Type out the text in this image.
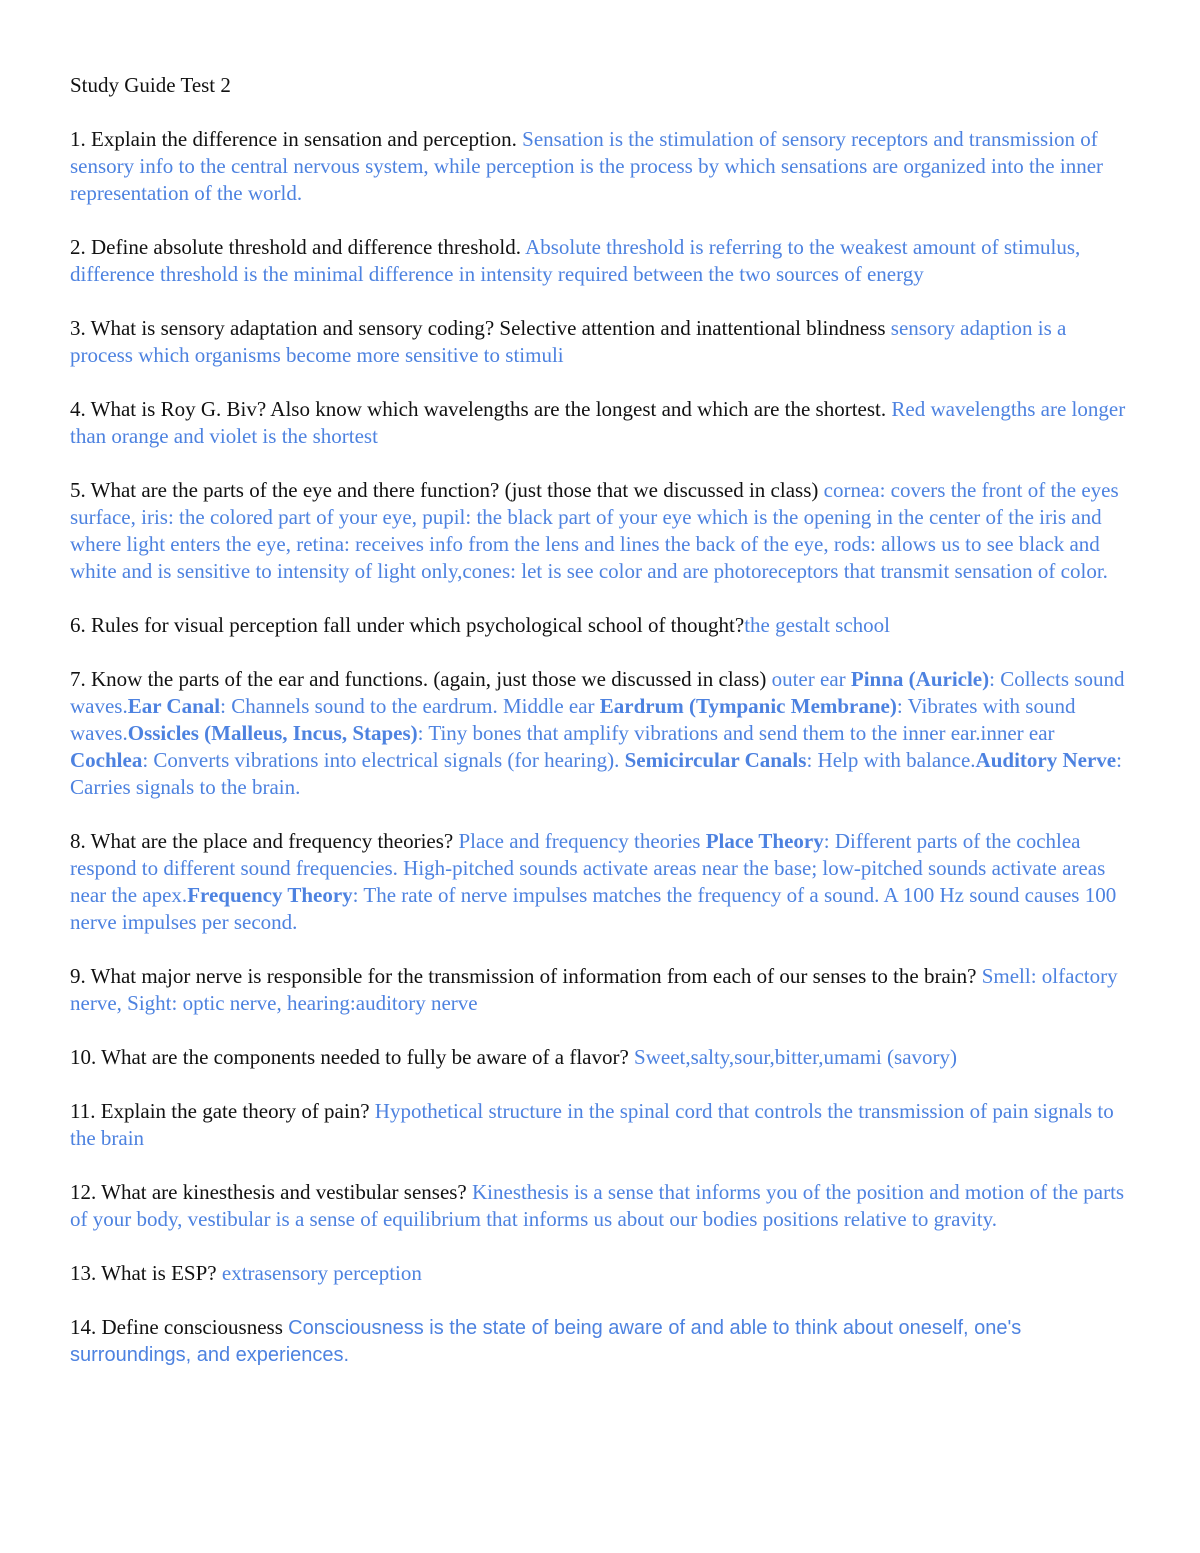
Study Guide Test 2

1. Explain the difference in sensation and perception. Sensation is the stimulation of sensory receptors and transmission of sensory info to the central nervous system, while perception is the process by which sensations are organized into the inner representation of the world.

2. Define absolute threshold and difference threshold. Absolute threshold is referring to the weakest amount of stimulus, difference threshold is the minimal difference in intensity required between the two sources of energy

3. What is sensory adaptation and sensory coding? Selective attention and inattentional blindness sensory adaption is a process which organisms become more sensitive to stimuli

4. What is Roy G. Biv? Also know which wavelengths are the longest and which are the shortest. Red wavelengths are longer than orange and violet is the shortest

5. What are the parts of the eye and there function? (just those that we discussed in class) cornea: covers the front of the eyes surface, iris: the colored part of your eye, pupil: the black part of your eye which is the opening in the center of the iris and where light enters the eye, retina: receives info from the lens and lines the back of the eye, rods: allows us to see black and white and is sensitive to intensity of light only,cones: let is see color and are photoreceptors that transmit sensation of color.

6. Rules for visual perception fall under which psychological school of thought?the gestalt school

7. Know the parts of the ear and functions. (again, just those we discussed in class) outer ear Pinna (Auricle): Collects sound waves.Ear Canal: Channels sound to the eardrum. Middle ear Eardrum (Tympanic Membrane): Vibrates with sound waves.Ossicles (Malleus, Incus, Stapes): Tiny bones that amplify vibrations and send them to the inner ear.inner ear Cochlea: Converts vibrations into electrical signals (for hearing). Semicircular Canals: Help with balance.Auditory Nerve: Carries signals to the brain.

8. What are the place and frequency theories? Place and frequency theories Place Theory: Different parts of the cochlea respond to different sound frequencies. High-pitched sounds activate areas near the base; low-pitched sounds activate areas near the apex.Frequency Theory: The rate of nerve impulses matches the frequency of a sound. A 100 Hz sound causes 100 nerve impulses per second.

9. What major nerve is responsible for the transmission of information from each of our senses to the brain? Smell: olfactory nerve, Sight: optic nerve, hearing:auditory nerve

10. What are the components needed to fully be aware of a flavor? Sweet,salty,sour,bitter,umami (savory)

11. Explain the gate theory of pain? Hypothetical structure in the spinal cord that controls the transmission of pain signals to the brain

12. What are kinesthesis and vestibular senses? Kinesthesis is a sense that informs you of the position and motion of the parts of your body, vestibular is a sense of equilibrium that informs us about our bodies positions relative to gravity.

13. What is ESP? extrasensory perception

14. Define consciousness Consciousness is the state of being aware of and able to think about oneself, one's surroundings, and experiences.
